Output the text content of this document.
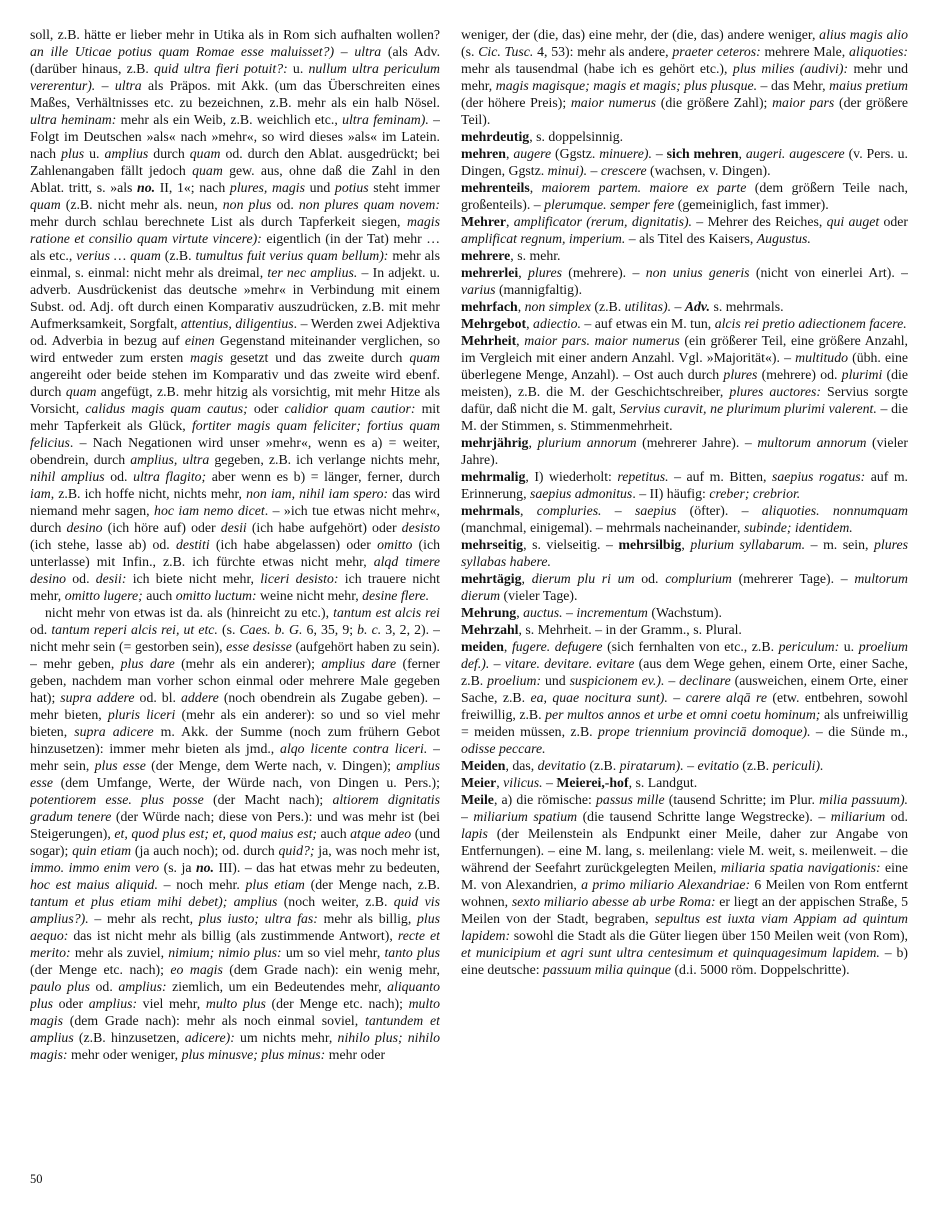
soll, z.B. hätte er lieber mehr in Utika als in Rom sich aufhalten wollen? an ille Uticae potius quam Romae esse maluisset?) – ultra (als Adv. (darüber hinaus, z.B. quid ultra fieri potuit?: u. nullum ultra periculum vererentur). – ultra als Präpos. mit Akk. (um das Überschreiten eines Maßes, Verhältnisses etc. zu bezeichnen, z.B. mehr als ein halb Nösel. ultra heminam: mehr als ein Weib, z.B. weichlich etc., ultra feminam). – Folgt im Deutschen »als« nach »mehr«, so wird dieses »als« im Latein. nach plus u. amplius durch quam od. durch den Ablat. ausgedrückt; bei Zahlenangaben fällt jedoch quam gew. aus, ohne daß die Zahl in den Ablat. tritt, s. »als no. II, 1«; nach plures, magis und potius steht immer quam (z.B. nicht mehr als. neun, non plus od. non plures quam novem: mehr durch schlau berechnete List als durch Tapferkeit siegen, magis ratione et consilio quam virtute vincere): eigentlich (in der Tat) mehr … als etc., verius … quam (z.B. tumultus fuit verius quam bellum): mehr als einmal, s. einmal: nicht mehr als dreimal, ter nec amplius. – In adjekt. u. adverb. Ausdrückenist das deutsche »mehr« in Verbindung mit einem Subst. od. Adj. oft durch einen Komparativ auszudrücken, z.B. mit mehr Aufmerksamkeit, Sorgfalt, attentius, diligentius. – Werden zwei Adjektiva od. Adverbia in bezug auf einen Gegenstand miteinander verglichen, so wird entweder zum ersten magis gesetzt und das zweite durch quam angereiht oder beide stehen im Komparativ und das zweite wird ebenf. durch quam angefügt, z.B. mehr hitzig als vorsichtig, mit mehr Hitze als Vorsicht, calidus magis quam cautus; oder calidior quam cautior: mit mehr Tapferkeit als Glück, fortiter magis quam feliciter; fortius quam felicius. – Nach Negationen wird unser »mehr«, wenn es a) = weiter, obendrein, durch amplius, ultra gegeben, z.B. ich verlange nichts mehr, nihil amplius od. ultra flagito; aber wenn es b) = länger, ferner, durch iam, z.B. ich hoffe nicht, nichts mehr, non iam, nihil iam spero: das wird niemand mehr sagen, hoc iam nemo dicet. – »ich tue etwas nicht mehr«, durch desino (ich höre auf) oder desii (ich habe aufgehört) oder desisto (ich stehe, lasse ab) od. destiti (ich habe abgelassen) oder omitto (ich unterlasse) mit Infin., z.B. ich fürchte etwas nicht mehr, alqd timere desino od. desii: ich biete nicht mehr, liceri desisto: ich trauere nicht mehr, omitto lugere; auch omitto luctum: weine nicht mehr, desine flere.

nicht mehr von etwas ist da. als (hinreicht zu etc.), tantum est alcis rei od. tantum reperi alcis rei, ut etc. (s. Caes. b. G. 6, 35, 9; b. c. 3, 2, 2). – nicht mehr sein (= gestorben sein), esse desisse (aufgehört haben zu sein). – mehr geben, plus dare (mehr als ein anderer); amplius dare (ferner geben, nachdem man vorher schon einmal oder mehrere Male gegeben hat); supra addere od. bl. addere (noch obendrein als Zugabe geben). – mehr bieten, pluris liceri (mehr als ein anderer): so und so viel mehr bieten, supra adicere m. Akk. der Summe (noch zum frühern Gebot hinzusetzen): immer mehr bieten als jmd., alqo licente contra liceri. – mehr sein, plus esse (der Menge, dem Werte nach, v. Dingen); amplius esse (dem Umfange, Werte, der Würde nach, von Dingen u. Pers.); potentiorem esse. plus posse (der Macht nach); altiorem dignitatis gradum tenere (der Würde nach; diese von Pers.): und was mehr ist (bei Steigerungen), et, quod plus est; et, quod maius est; auch atque adeo (und sogar); quin etiam (ja auch noch); od. durch quid?; ja, was noch mehr ist, immo. immo enim vero (s. ja no. III). – das hat etwas mehr zu bedeuten, hoc est maius aliquid. – noch mehr. plus etiam (der Menge nach, z.B. tantum et plus etiam mihi debet); amplius (noch weiter, z.B. quid vis amplius?). – mehr als recht, plus iusto; ultra fas: mehr als billig, plus aequo: das ist nicht mehr als billig (als zustimmende Antwort), recte et merito: mehr als zuviel, nimium; nimio plus: um so viel mehr, tanto plus (der Menge etc. nach); eo magis (dem Grade nach): ein wenig mehr, paulo plus od. amplius: ziemlich, um ein Bedeutendes mehr, aliquanto plus oder amplius: viel mehr, multo plus (der Menge etc. nach); multo magis (dem Grade nach): mehr als noch einmal soviel, tantundem et amplius (z.B. hinzusetzen, adicere): um nichts mehr, nihilo plus; nihilo magis: mehr oder weniger, plus minusve; plus minus: mehr oder

weniger, der (die, das) eine mehr, der (die, das) andere weniger, alius magis alio (s. Cic. Tusc. 4, 53): mehr als andere, praeter ceteros: mehrere Male, aliquoties: mehr als tausendmal (habe ich es gehört etc.), plus milies (audivi): mehr und mehr, magis magisque; magis et magis; plus plusque. – das Mehr, maius pretium (der höhere Preis); maior numerus (die größere Zahl); maior pars (der größere Teil).

mehrdeutig, s. doppelsinnig.

mehren, augere (Ggstz. minuere). – sich mehren, augeri. augescere (v. Pers. u. Dingen, Ggstz. minui). – crescere (wachsen, v. Dingen).

mehrenteils, maiorem partem. maiore ex parte (dem größern Teile nach, großenteils). – plerumque. semper fere (gemeiniglich, fast immer).

Mehrer, amplificator (rerum, dignitatis). – Mehrer des Reiches, qui auget oder amplificat regnum, imperium. – als Titel des Kaisers, Augustus.

mehrere, s. mehr.

mehrerlei, plures (mehrere). – non unius generis (nicht von einerlei Art). – varius (mannigfaltig).

mehrfach, non simplex (z.B. utilitas). – Adv. s. mehrmals.

Mehrgebot, adiectio. – auf etwas ein M. tun, alcis rei pretio adiectionem facere.

Mehrheit, maior pars. maior numerus (ein größerer Teil, eine größere Anzahl, im Vergleich mit einer andern Anzahl. Vgl. »Majorität«). – multitudo (übh. eine überlegene Menge, Anzahl). – Ost auch durch plures (mehrere) od. plurimi (die meisten), z.B. die M. der Geschichtschreiber, plures auctores: Servius sorgte dafür, daß nicht die M. galt, Servius curavit, ne plurimum plurimi valerent. – die M. der Stimmen, s. Stimmenmehrheit.

mehrjährig, plurium annorum (mehrerer Jahre). – multorum annorum (vieler Jahre).

mehrmalig, I) wiederholt: repetitus. – auf m. Bitten, saepius rogatus: auf m. Erinnerung, saepius admonitus. – II) häufig: creber; crebrior.

mehrmals, compluries. – saepius (öfter). – aliquoties. nonnumquam (manchmal, einigemal). – mehrmals nacheinander, subinde; identidem.

mehrseitig, s. vielseitig. – mehrsilbig, plurium syllabarum. – m. sein, plures syllabas habere.

mehrtägig, dierum plu ri um od. complurium (mehrerer Tage). – multorum dierum (vieler Tage).

Mehrung, auctus. – incrementum (Wachstum).

Mehrzahl, s. Mehrheit. – in der Gramm., s. Plural.

meiden, fugere. defugere (sich fernhalten von etc., z.B. periculum: u. proelium def.). – vitare. devitare. evitare (aus dem Wege gehen, einem Orte, einer Sache, z.B. proelium: und suspicionem ev.). – declinare (ausweichen, einem Orte, einer Sache, z.B. ea, quae nocitura sunt). – carere alqā re (etw. entbehren, sowohl freiwillig, z.B. per multos annos et urbe et omni coetu hominum; als unfreiwillig = meiden müssen, z.B. prope triennium provinciā domoque). – die Sünde m., odisse peccare.

Meiden, das, devitatio (z.B. piratarum). – evitatio (z.B. periculi).

Meier, vilicus. – Meierei,-hof, s. Landgut.

Meile, a) die römische: passus mille (tausend Schritte; im Plur. milia passuum). – miliarium spatium (die tausend Schritte lange Wegstrecke). – miliarium od. lapis (der Meilenstein als Endpunkt einer Meile, daher zur Angabe von Entfernungen). – eine M. lang, s. meilenlang: viele M. weit, s. meilenweit. – die während der Seefahrt zurückgelegten Meilen, miliaria spatia navigationis: eine M. von Alexandrien, a primo miliario Alexandriae: 6 Meilen von Rom entfernt wohnen, sexto miliario abesse ab urbe Roma: er liegt an der appischen Straße, 5 Meilen von der Stadt, begraben, sepultus est iuxta viam Appiam ad quintum lapidem: sowohl die Stadt als die Güter liegen über 150 Meilen weit (von Rom), et municipium et agri sunt ultra centesimum et quinquagesimum lapidem. – b) eine deutsche: passuum milia quinque (d.i. 5000 röm. Doppelschritte).

50
